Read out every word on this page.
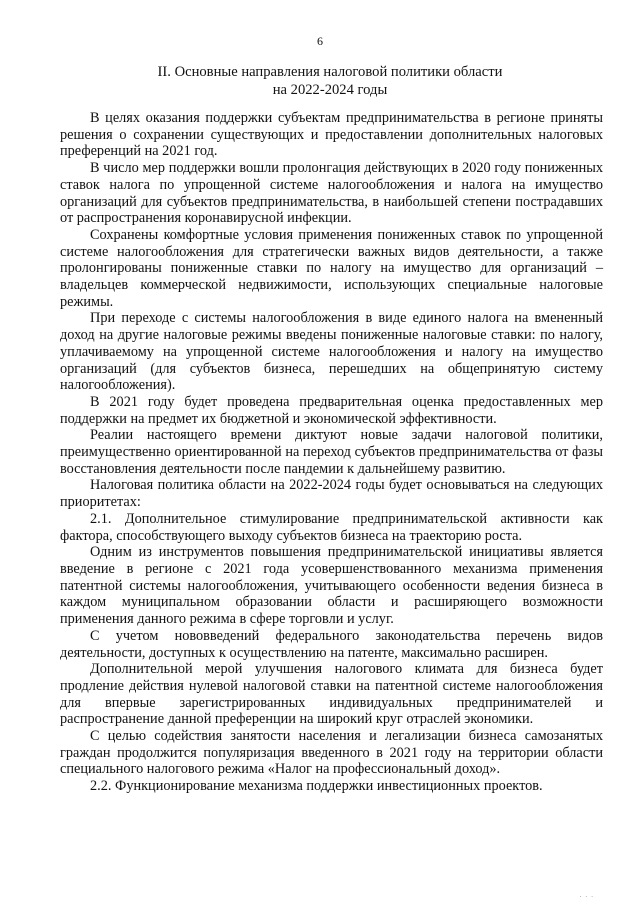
6
II. Основные направления налоговой политики области
на 2022-2024 годы

В целях оказания поддержки субъектам предпринимательства в регионе приняты решения о сохранении существующих и предоставлении дополнительных налоговых преференций на 2021 год.

В число мер поддержки вошли пролонгация действующих в 2020 году пониженных ставок налога по упрощенной системе налогообложения и налога на имущество организаций для субъектов предпринимательства, в наибольшей степени пострадавших от распространения коронавирусной инфекции.

Сохранены комфортные условия применения пониженных ставок по упрощенной системе налогообложения для стратегически важных видов деятельности, а также пролонгированы пониженные ставки по налогу на имущество для организаций – владельцев коммерческой недвижимости, использующих специальные налоговые режимы.

При переходе с системы налогообложения в виде единого налога на вмененный доход на другие налоговые режимы введены пониженные налоговые ставки: по налогу, уплачиваемому на упрощенной системе налогообложения и налогу на имущество организаций (для субъектов бизнеса, перешедших на общепринятую систему налогообложения).

В 2021 году будет проведена предварительная оценка предоставленных мер поддержки на предмет их бюджетной и экономической эффективности.

Реалии настоящего времени диктуют новые задачи налоговой политики, преимущественно ориентированной на переход субъектов предпринимательства от фазы восстановления деятельности после пандемии к дальнейшему развитию.

Налоговая политика области на 2022-2024 годы будет основываться на следующих приоритетах:

2.1. Дополнительное стимулирование предпринимательской активности как фактора, способствующего выходу субъектов бизнеса на траекторию роста.

Одним из инструментов повышения предпринимательской инициативы является введение в регионе с 2021 года усовершенствованного механизма применения патентной системы налогообложения, учитывающего особенности ведения бизнеса в каждом муниципальном образовании области и расширяющего возможности применения данного режима в сфере торговли и услуг.

С учетом нововведений федерального законодательства перечень видов деятельности, доступных к осуществлению на патенте, максимально расширен.

Дополнительной мерой улучшения налогового климата для бизнеса будет продление действия нулевой налоговой ставки на патентной системе налогообложения для впервые зарегистрированных индивидуальных предпринимателей и распространение данной преференции на широкий круг отраслей экономики.

С целью содействия занятости населения и легализации бизнеса самозанятых граждан продолжится популяризация введенного в 2021 году на территории области специального налогового режима «Налог на профессиональный доход».

2.2. Функционирование механизма поддержки инвестиционных проектов.

· · ·
